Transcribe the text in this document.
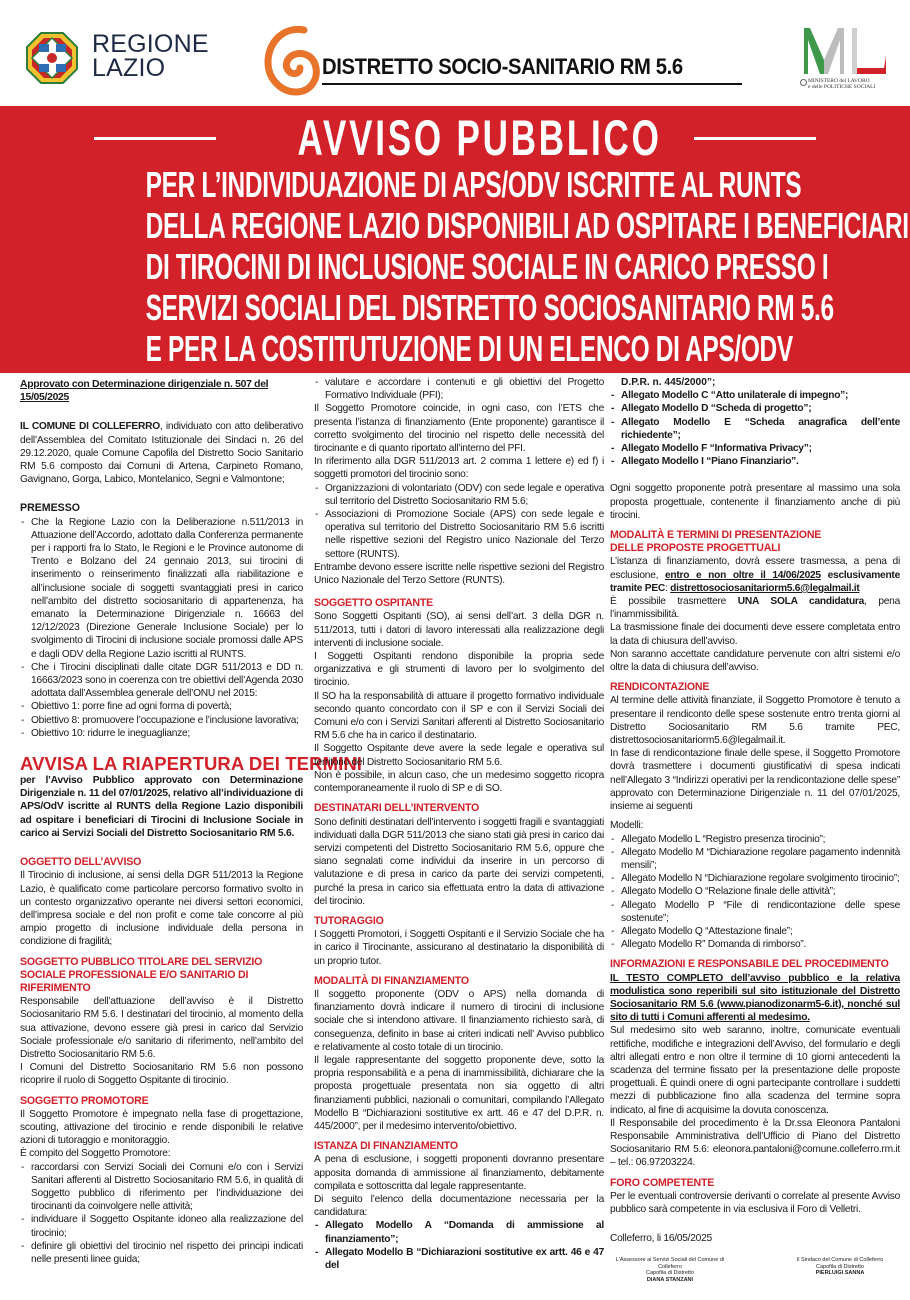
REGIONE
LAZIO	DISTRETTO SOCIO-SANITARIO RM 5.6
MINISTERO del LAVORO
e delle POLITICHE SOCIALI
AVVISO PUBBLICO
PER L’INDIVIDUAZIONE DI APS/ODV ISCRITTE AL RUNTS
DELLA REGIONE LAZIO DISPONIBILI AD OSPITARE I BENEFICIARI
DI TIROCINI DI INCLUSIONE SOCIALE IN CARICO PRESSO I
SERVIZI SOCIALI DEL DISTRETTO SOCIOSANITARIO RM 5.6
E PER LA COSTITUTUZIONE DI UN ELENCO DI APS/ODV
Approvato con Determinazione dirigenziale n. 507 del 15/05/2025
IL COMUNE DI COLLEFERRO, individuato con atto deliberativo dell’Assemblea del Comitato Istituzionale dei Sindaci n. 26 del 29.12.2020, quale Comune Capofila del Distretto Socio Sanitario RM 5.6 composto dai Comuni di Artena, Carpineto Romano, Gavignano, Gorga, Labico, Montelanico, Segni e Valmontone;
PREMESSO
- Che la Regione Lazio con la Deliberazione n.511/2013 in Attuazione dell’Accordo, adottato dalla Conferenza permanente per i rapporti fra lo Stato, le Regioni e le Province autonome di Trento e Bolzano del 24 gennaio 2013, sui tirocini di inserimento o reinserimento finalizzati alla riabilitazione e all’inclusione sociale di soggetti svantaggiati presi in carico nell’ambito del distretto sociosanitario di appartenenza, ha emanato la Determinazione Dirigenziale n. 16663 del 12/12/2023 (Direzione Generale Inclusione Sociale) per lo svolgimento di Tirocini di inclusione sociale promossi dalle APS e dagli ODV della Regione Lazio iscritti al RUNTS.
- Che i Tirocini disciplinati dalle citate DGR 511/2013 e DD n. 16663/2023 sono in coerenza con tre obiettivi dell’Agenda 2030 adottata dall’Assemblea generale dell’ONU nel 2015:
- Obiettivo 1: porre fine ad ogni forma di povertà;
- Obiettivo 8: promuovere l’occupazione e l’inclusione lavorativa;
- Obiettivo 10: ridurre le ineguaglianze;
AVVISA LA RIAPERTURA DEI TERMINI
per l’Avviso Pubblico approvato con Determinazione Dirigenziale n. 11 del 07/01/2025, relativo all’individuazione di APS/OdV iscritte al RUNTS della Regione Lazio disponibili ad ospitare i beneficiari di Tirocini di Inclusione Sociale in carico ai Servizi Sociali del Distretto Sociosanitario RM 5.6.
OGGETTO DELL’AVVISO
Il Tirocinio di inclusione, ai sensi della DGR 511/2013 la Regione Lazio, è qualificato come particolare percorso formativo svolto in un contesto organizzativo operante nei diversi settori economici, dell’impresa sociale e del non profit e come tale concorre al più ampio progetto di inclusione individuale della persona in condizione di fragilità;
SOGGETTO PUBBLICO TITOLARE DEL SERVIZIO SOCIALE PROFESSIONALE E/O SANITARIO DI RIFERIMENTO
Responsabile dell’attuazione dell’avviso è il Distretto Sociosanitario RM 5.6. I destinatari del tirocinio, al momento della sua attivazione, devono essere già presi in carico dal Servizio Sociale professionale e/o sanitario di riferimento, nell’ambito del Distretto Sociosanitario RM 5.6.
I Comuni del Distretto Sociosanitario RM 5.6 non possono ricoprire il ruolo di Soggetto Ospitante di tirocinio.
SOGGETTO PROMOTORE
Il Soggetto Promotore è impegnato nella fase di progettazione, scouting, attivazione del tirocinio e rende disponibili le relative azioni di tutoraggio e monitoraggio.
È compito del Soggetto Promotore:
- raccordarsi con Servizi Sociali dei Comuni e/o con i Servizi Sanitari afferenti al Distretto Sociosanitario RM 5.6, in qualità di Soggetto pubblico di riferimento per l’individuazione dei tirocinanti da coinvolgere nelle attività;
- individuare il Soggetto Ospitante idoneo alla realizzazione del tirocinio;
- definire gli obiettivi del tirocinio nel rispetto dei principi indicati nelle presenti linee guida;
- valutare e accordare i contenuti e gli obiettivi del Progetto Formativo Individuale (PFI);
Il Soggetto Promotore coincide, in ogni caso, con l’ETS che presenta l’istanza di finanziamento (Ente proponente) garantisce il corretto svolgimento del tirocinio nel rispetto delle necessità del tirocinante e di quanto riportato all’interno del PFI.
In riferimento alla DGR 511/2013 art. 2 comma 1 lettere e) ed f) i soggetti promotori del tirocinio sono:
- Organizzazioni di volontariato (ODV) con sede legale e operativa sul territorio del Distretto Sociosanitario RM 5.6;
- Associazioni di Promozione Sociale (APS) con sede legale e operativa sul territorio del Distretto Sociosanitario RM 5.6 iscritti nelle rispettive sezioni del Registro unico Nazionale del Terzo settore (RUNTS).
Entrambe devono essere iscritte nelle rispettive sezioni del Registro Unico Nazionale del Terzo Settore (RUNTS).
SOGGETTO OSPITANTE
Sono Soggetti Ospitanti (SO), ai sensi dell’art. 3 della DGR n. 511/2013, tutti i datori di lavoro interessati alla realizzazione degli interventi di inclusione sociale.
I Soggetti Ospitanti rendono disponibile la propria sede organizzativa e gli strumenti di lavoro per lo svolgimento del tirocinio.
Il SO ha la responsabilità di attuare il progetto formativo individuale secondo quanto concordato con il SP e con il Servizi Sociali dei Comuni e/o con i Servizi Sanitari afferenti al Distretto Sociosanitario RM 5.6 che ha in carico il destinatario.
Il Soggetto Ospitante deve avere la sede legale e operativa sul territorio del Distretto Sociosanitario RM 5.6.
Non è possibile, in alcun caso, che un medesimo soggetto ricopra contemporaneamente il ruolo di SP e di SO.
DESTINATARI DELL’INTERVENTO
Sono definiti destinatari dell’intervento i soggetti fragili e svantaggiati individuati dalla DGR 511/2013 che siano stati già presi in carico dai servizi competenti del Distretto Sociosanitario RM 5.6, oppure che siano segnalati come individui da inserire in un percorso di valutazione e di presa in carico da parte dei servizi competenti, purché la presa in carico sia effettuata entro la data di attivazione del tirocinio.
TUTORAGGIO
I Soggetti Promotori, i Soggetti Ospitanti e il Servizio Sociale che ha in carico il Tirocinante, assicurano al destinatario la disponibilità di un proprio tutor.
MODALITÀ DI FINANZIAMENTO
Il soggetto proponente (ODV o APS) nella domanda di finanziamento dovrà indicare il numero di tirocini di inclusione sociale che si intendono attivare. Il finanziamento richiesto sarà, di conseguenza, definito in base ai criteri indicati nell’ Avviso pubblico e relativamente al costo totale di un tirocinio.
Il legale rappresentante del soggetto proponente deve, sotto la propria responsabilità e a pena di inammissibilità, dichiarare che la proposta progettuale presentata non sia oggetto di altri finanziamenti pubblici, nazionali o comunitari, compilando l’Allegato Modello B “Dichiarazioni sostitutive ex artt. 46 e 47 del D.P.R. n. 445/2000”, per il medesimo intervento/obiettivo.
ISTANZA DI FINANZIAMENTO
A pena di esclusione, i soggetti proponenti dovranno presentare apposita domanda di ammissione al finanziamento, debitamente compilata e sottoscritta dal legale rappresentante.
Di seguito l’elenco della documentazione necessaria per la candidatura:
- Allegato Modello A “Domanda di ammissione al finanziamento”;
- Allegato Modello B “Dichiarazioni sostitutive ex artt. 46 e 47 del
D.P.R. n. 445/2000”;
- Allegato Modello C “Atto unilaterale di impegno”;
- Allegato Modello D “Scheda di progetto”;
- Allegato Modello E “Scheda anagrafica dell’ente richiedente”;
- Allegato Modello F “Informativa Privacy”;
- Allegato Modello I “Piano Finanziario”.
Ogni soggetto proponente potrà presentare al massimo una sola proposta progettuale, contenente il finanziamento anche di più tirocini.
MODALITÀ E TERMINI DI PRESENTAZIONE
DELLE PROPOSTE PROGETTUALI
L’istanza di finanziamento, dovrà essere trasmessa, a pena di esclusione, entro e non oltre il 14/06/2025 esclusivamente tramite PEC: distrettosociosanitariorm5.6@legalmail.it
È possibile trasmettere UNA SOLA candidatura, pena l’inammissibilità.
La trasmissione finale dei documenti deve essere completata entro la data di chiusura dell’avviso.
Non saranno accettate candidature pervenute con altri sistemi e/o oltre la data di chiusura dell’avviso.
RENDICONTAZIONE
Al termine delle attività finanziate, il Soggetto Promotore è tenuto a presentare il rendiconto delle spese sostenute entro trenta giorni al Distretto Sociosanitario RM 5.6 tramite PEC, distrettosociosanitariorm5.6@legalmail.it.
In fase di rendicontazione finale delle spese, il Soggetto Promotore dovrà trasmettere i documenti giustificativi di spesa indicati nell’Allegato 3 “Indirizzi operativi per la rendicontazione delle spese” approvato con Determinazione Dirigenziale n. 11 del 07/01/2025, insieme ai seguenti
Modelli:
- Allegato Modello L “Registro presenza tirocinio”;
- Allegato Modello M “Dichiarazione regolare pagamento indennità mensili”;
- Allegato Modello N “Dichiarazione regolare svolgimento tirocinio”;
- Allegato Modello O “Relazione finale delle attività”;
- Allegato Modello P “File di rendicontazione delle spese sostenute”;
- Allegato Modello Q “Attestazione finale”;
- Allegato Modello R” Domanda di rimborso”.
INFORMAZIONI E RESPONSABILE DEL PROCEDIMENTO
IL TESTO COMPLETO dell’avviso pubblico e la relativa modulistica sono reperibili sul sito istituzionale del Distretto Sociosanitario RM 5.6 (www.pianodizonarm5-6.it), nonché sul sito di tutti i Comuni afferenti al medesimo.
Sul medesimo sito web saranno, inoltre, comunicate eventuali rettifiche, modifiche e integrazioni dell’Avviso, del formulario e degli altri allegati entro e non oltre il termine di 10 giorni antecedenti la scadenza del termine fissato per la presentazione delle proposte progettuali. È quindi onere di ogni partecipante controllare i suddetti mezzi di pubblicazione fino alla scadenza del termine sopra indicato, al fine di acquisime la dovuta conoscenza.
Il Responsabile del procedimento è la Dr.ssa Eleonora Pantaloni Responsabile Amministrativa dell’Ufficio di Piano del Distretto Sociosanitario RM 5.6: eleonora.pantaloni@comune.colleferro.rm.it – tel.: 06.97203224.
FORO COMPETENTE
Per le eventuali controversie derivanti o correlate al presente Avviso pubblico sarà competente in via esclusiva il Foro di Velletri.
Colleferro, li 16/05/2025
L’Assessore ai Servizi Sociali del Comune di Colleferro
Capofila di Distretto
DIANA STANZANI
Il Sindaco del Comune di Colleferro
Capofila di Distretto
PIERLUIGI SANNA
